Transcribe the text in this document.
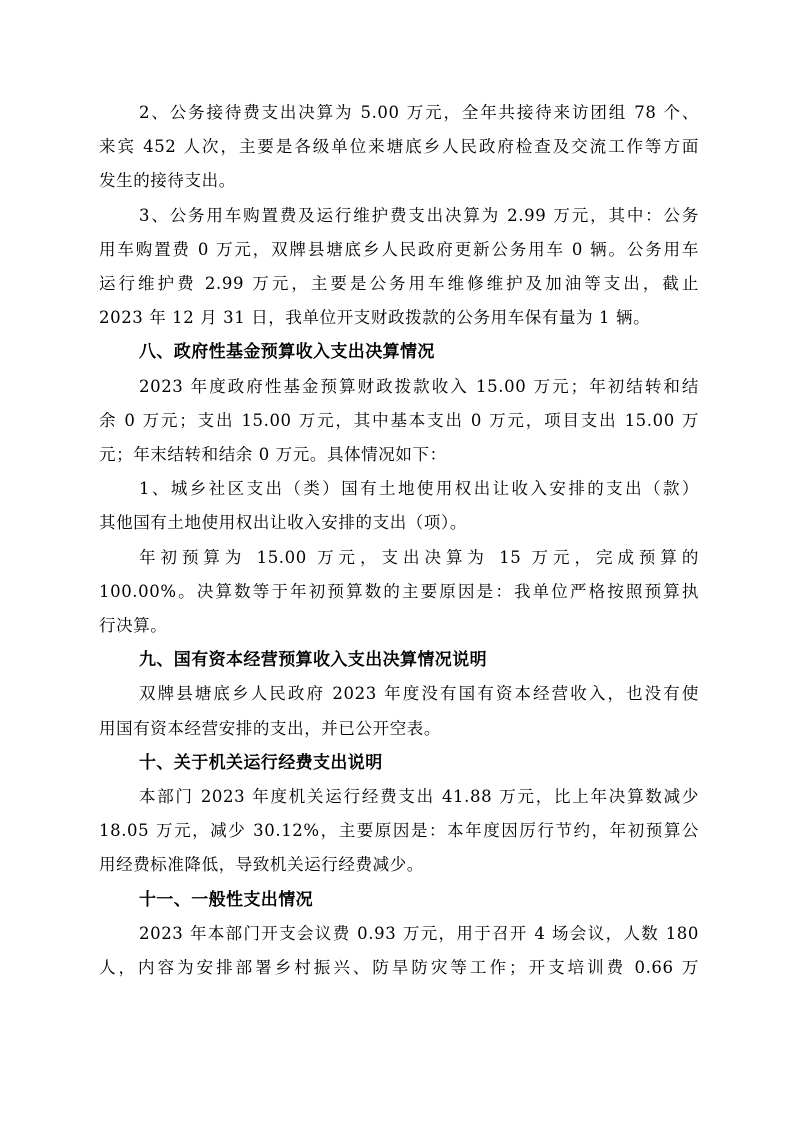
2、公务接待费支出决算为 5.00 万元，全年共接待来访团组 78 个、
来宾 452 人次，主要是各级单位来塘底乡人民政府检查及交流工作等方面
发生的接待支出。

3、公务用车购置费及运行维护费支出决算为 2.99 万元，其中：公务
用车购置费 0 万元，双牌县塘底乡人民政府更新公务用车 0 辆。公务用车
运行维护费 2.99 万元，主要是公务用车维修维护及加油等支出，截止
2023 年 12 月 31 日，我单位开支财政拨款的公务用车保有量为 1 辆。

八、政府性基金预算收入支出决算情况

2023 年度政府性基金预算财政拨款收入 15.00 万元；年初结转和结
余 0 万元；支出 15.00 万元，其中基本支出 0 万元，项目支出 15.00 万
元；年末结转和结余 0 万元。具体情况如下：

1、城乡社区支出（类）国有土地使用权出让收入安排的支出（款）
其他国有土地使用权出让收入安排的支出（项）。

年初预算为 15.00 万元，支出决算为 15 万元，完成预算的
100.00%。决算数等于年初预算数的主要原因是：我单位严格按照预算执
行决算。

九、国有资本经营预算收入支出决算情况说明

双牌县塘底乡人民政府 2023 年度没有国有资本经营收入，也没有使
用国有资本经营安排的支出，并已公开空表。

十、关于机关运行经费支出说明

本部门 2023 年度机关运行经费支出 41.88 万元，比上年决算数减少
18.05 万元，减少 30.12%，主要原因是：本年度因厉行节约，年初预算公
用经费标准降低，导致机关运行经费减少。

十一、一般性支出情况

2023 年本部门开支会议费 0.93 万元，用于召开 4 场会议，人数 180
人，内容为安排部署乡村振兴、防旱防灾等工作；开支培训费 0.66 万
